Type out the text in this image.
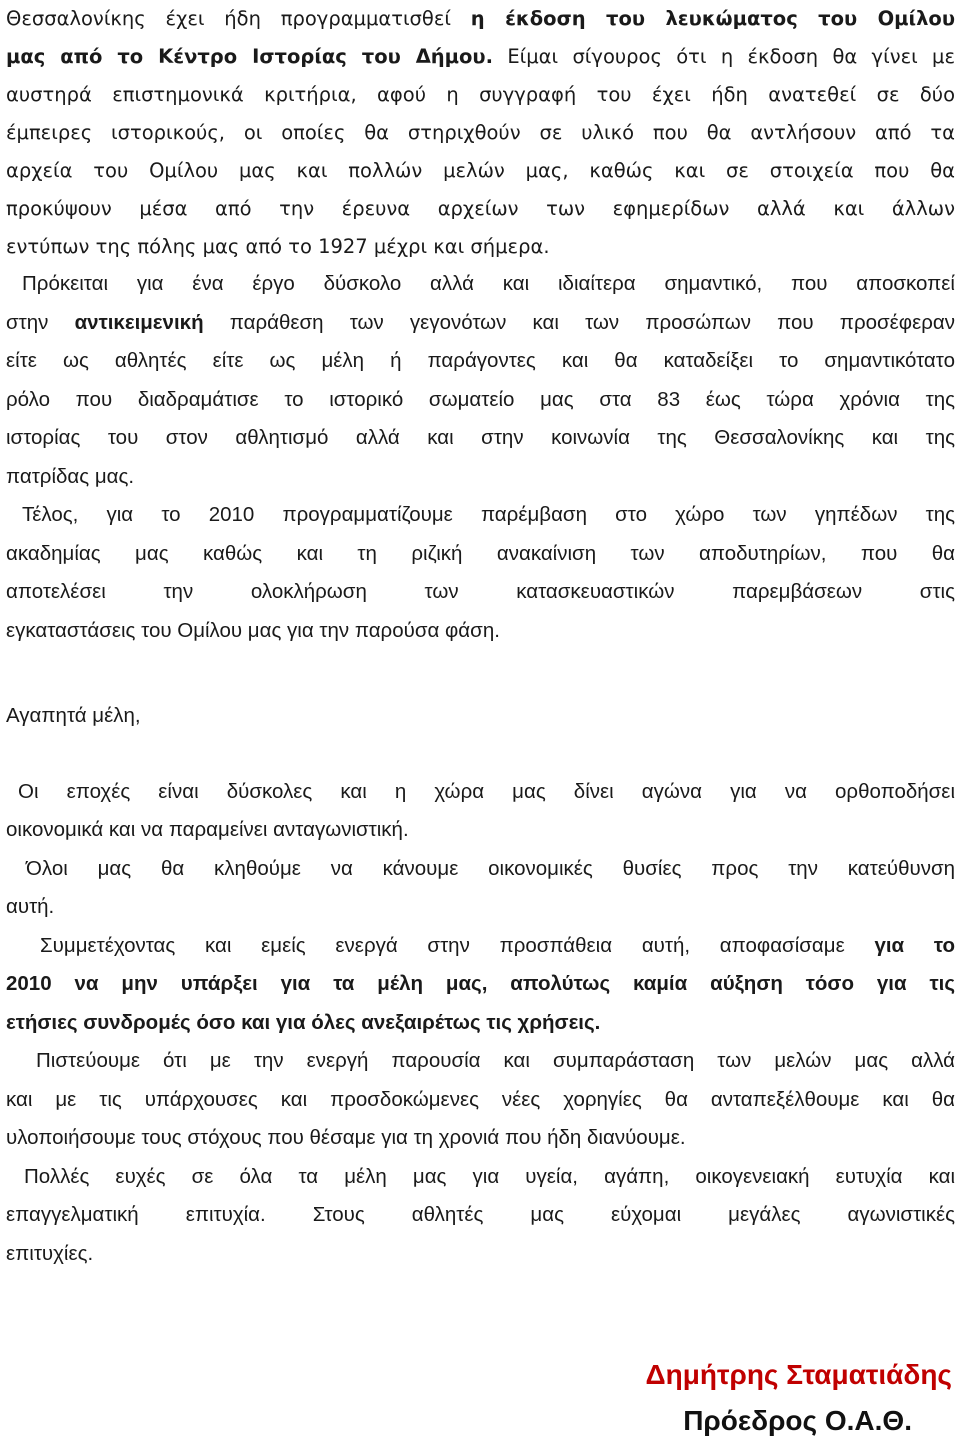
Θεσσαλονίκης έχει ήδη προγραμματισθεί η έκδοση του λευκώματος του Ομίλου
μας από το Κέντρο Ιστορίας του Δήμου. Είμαι σίγουρος ότι η έκδοση θα γίνει με
αυστηρά επιστημονικά κριτήρια, αφού η συγγραφή του έχει ήδη ανατεθεί σε δύο
έμπειρες ιστορικούς, οι οποίες θα στηριχθούν σε υλικό που θα αντλήσουν από τα
αρχεία του Ομίλου μας και πολλών μελών μας, καθώς και σε στοιχεία που θα
προκύψουν μέσα από την έρευνα αρχείων των εφημερίδων αλλά και άλλων
εντύπων της πόλης μας από το 1927 μέχρι και σήμερα.
Πρόκειται για ένα έργο δύσκολο αλλά και ιδιαίτερα σημαντικό, που αποσκοπεί
στην αντικειμενική παράθεση των γεγονότων και των προσώπων που προσέφεραν
είτε ως αθλητές είτε ως μέλη ή παράγοντες και θα καταδείξει το σημαντικότατο
ρόλο που διαδραμάτισε το ιστορικό σωματείο μας στα 83 έως τώρα χρόνια της
ιστορίας του στον αθλητισμό αλλά και στην κοινωνία της Θεσσαλονίκης και της
πατρίδας μας.
Τέλος, για το 2010 προγραμματίζουμε παρέμβαση στο χώρο των γηπέδων της
ακαδημίας μας καθώς και τη ριζική ανακαίνιση των αποδυτηρίων, που θα
αποτελέσει την ολοκλήρωση των κατασκευαστικών παρεμβάσεων στις
εγκαταστάσεις του Ομίλου μας για την παρούσα φάση.
Αγαπητά μέλη,
Οι εποχές είναι δύσκολες και η χώρα μας δίνει αγώνα για να ορθοποδήσει
οικονομικά και να παραμείνει ανταγωνιστική.
Όλοι μας θα κληθούμε να κάνουμε οικονομικές θυσίες προς την κατεύθυνση
αυτή.
Συμμετέχοντας και εμείς ενεργά στην προσπάθεια αυτή, αποφασίσαμε για το
2010 να μην υπάρξει για τα μέλη μας, απολύτως καμία αύξηση τόσο για τις
ετήσιες συνδρομές όσο και για όλες ανεξαιρέτως τις χρήσεις.
Πιστεύουμε ότι με την ενεργή παρουσία και συμπαράσταση των μελών μας αλλά
και με τις υπάρχουσες και προσδοκώμενες νέες χορηγίες θα ανταπεξέλθουμε και θα
υλοποιήσουμε τους στόχους που θέσαμε για τη χρονιά που ήδη διανύουμε.
Πολλές ευχές σε όλα τα μέλη μας για υγεία, αγάπη, οικογενειακή ευτυχία και
επαγγελματική επιτυχία. Στους αθλητές μας εύχομαι μεγάλες αγωνιστικές
επιτυχίες.
Δημήτρης Σταματιάδης
Πρόεδρος Ο.Α.Θ.
